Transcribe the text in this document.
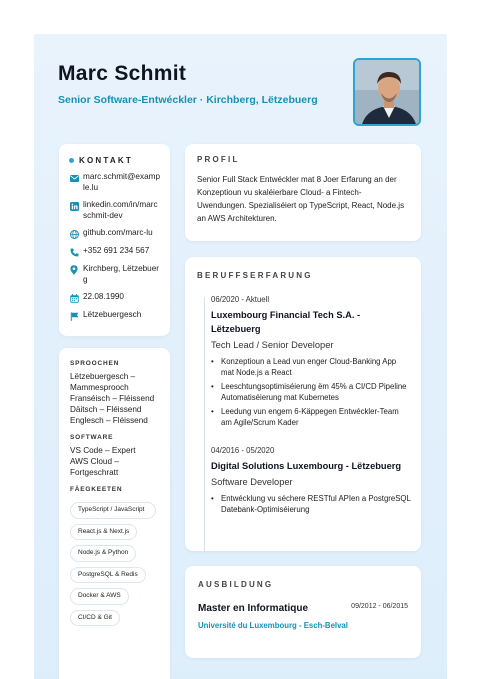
Marc Schmit
Senior Software-Entwéckler · Kirchberg, Lëtzebuerg
KONTAKT
marc.schmit@example.lu
linkedin.com/in/marcschmit-dev
github.com/marc-lu
+352 691 234 567
Kirchberg, Lëtzebuerg
22.08.1990
Lëtzebuergesch
SPROOCHEN
Lëtzebuergesch – Mammesprooch
Franséisch – Fléissend
Däitsch – Fléissend
Englesch – Fléissend
SOFTWARE
VS Code – Expert
AWS Cloud – Fortgeschratt
FÄEGKEETEN
TypeScript / JavaScript
React.js & Next.js
Node.js & Python
PostgreSQL & Redis
Docker & AWS
CI/CD & Git
PROFIL

Senior Full Stack Entwéckler mat 8 Joer Erfarung an der Konzeptioun vu skaléierbare Cloud- a Fintech-Uwendungen. Spezialiséiert op TypeScript, React, Node.js an AWS Architekturen.

BERUFFSERFARUNG
06/2020 - Aktuell
Luxembourg Financial Tech S.A. - Lëtzebuerg
Tech Lead / Senior Developer
• Konzeptioun a Lead vun enger Cloud-Banking App mat Node.js a React
• Leeschtungsoptimiséierung ëm 45% a CI/CD Pipeline Automatiséierung mat Kubernetes
• Leedung vun engem 6-Käppegen Entwéckler-Team am Agile/Scrum Kader
04/2016 - 05/2020
Digital Solutions Luxembourg - Lëtzebuerg
Software Developer
• Entwécklung vu sécherе RESTful APIen a PostgreSQL Datebank-Optimiséierung
AUSBILDUNG
Master en Informatique	09/2012 - 06/2015
Université du Luxembourg - Esch-Belval
